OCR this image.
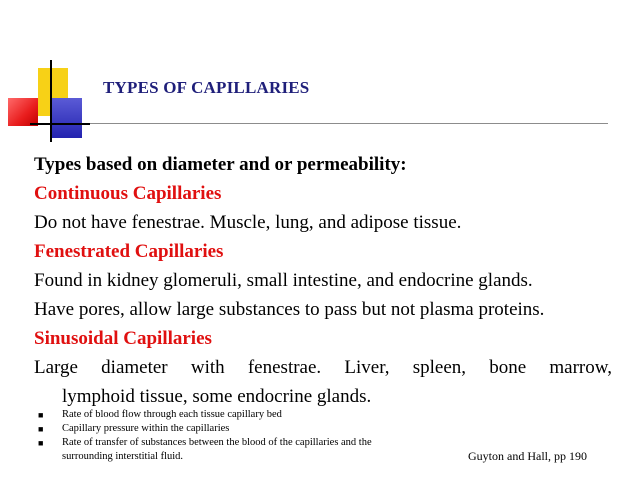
TYPES OF CAPILLARIES
Types based on diameter and or permeability:
Continuous Capillaries
Do not have fenestrae. Muscle, lung, and adipose tissue.
Fenestrated Capillaries
Found in kidney glomeruli, small intestine, and endocrine glands.
Have pores, allow large substances to pass but not plasma proteins.
Sinusoidal Capillaries
Large diameter with fenestrae. Liver, spleen, bone marrow,
lymphoid tissue, some endocrine glands.
■	Rate of blood flow through each tissue capillary bed
■	Capillary pressure within the capillaries
■	Rate of transfer of substances between the blood of the capillaries and the
surrounding interstitial fluid.	Guyton and Hall, pp 190
